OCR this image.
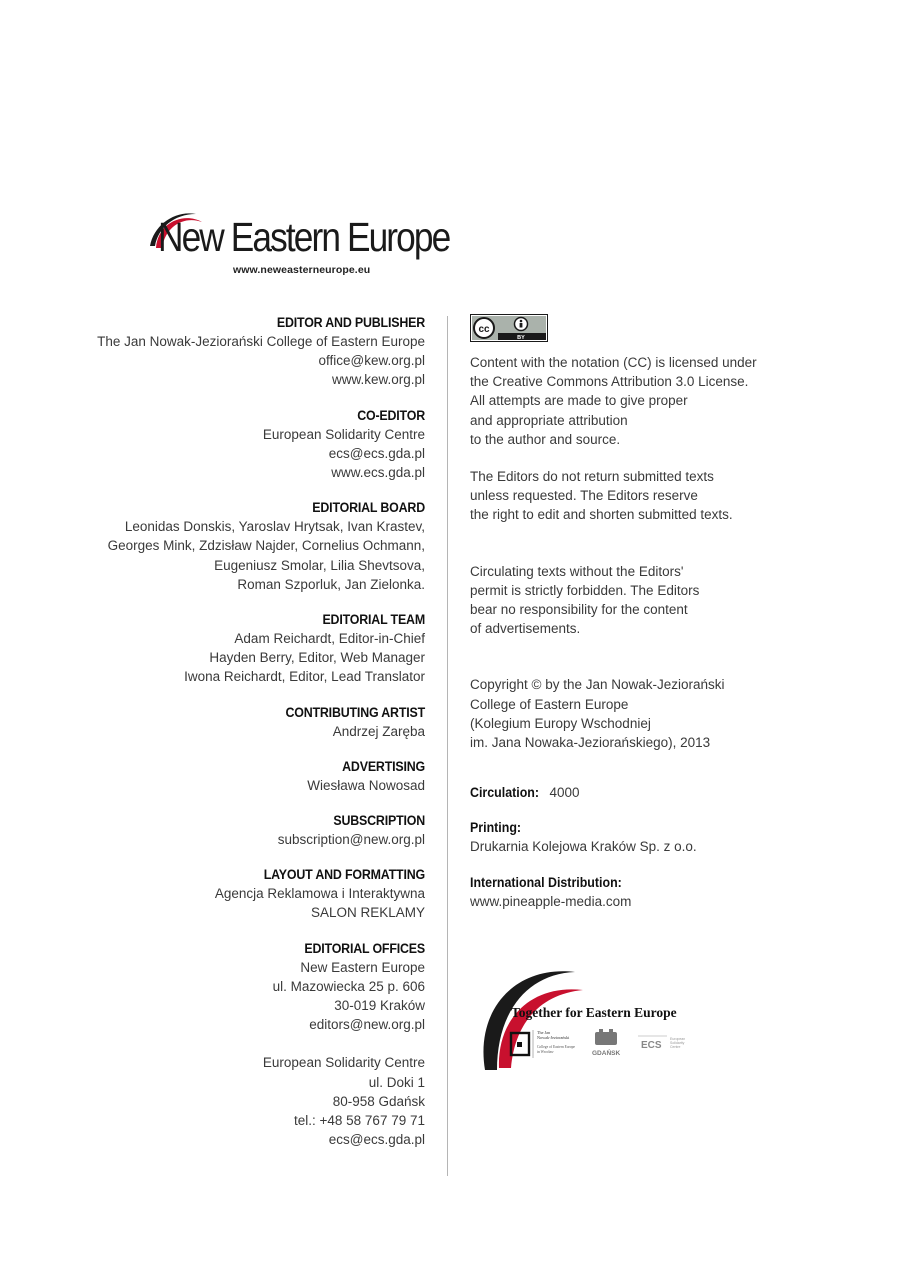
New Eastern Europe
www.neweasterneurope.eu
EDITOR AND PUBLISHER
The Jan Nowak-Jeziorański College of Eastern Europe
office@kew.org.pl
www.kew.org.pl
CO-EDITOR
European Solidarity Centre
ecs@ecs.gda.pl
www.ecs.gda.pl
EDITORIAL BOARD
Leonidas Donskis, Yaroslav Hrytsak, Ivan Krastev,
Georges Mink, Zdzisław Najder, Cornelius Ochmann,
Eugeniusz Smolar, Lilia Shevtsova,
Roman Szporluk, Jan Zielonka.
EDITORIAL TEAM
Adam Reichardt, Editor-in-Chief
Hayden Berry, Editor, Web Manager
Iwona Reichardt, Editor, Lead Translator
CONTRIBUTING ARTIST
Andrzej Zaręba
ADVERTISING
Wiesława Nowosad
SUBSCRIPTION
subscription@new.org.pl
LAYOUT AND FORMATTING
Agencja Reklamowa i Interaktywna
SALON REKLAMY
EDITORIAL OFFICES
New Eastern Europe
ul. Mazowiecka 25 p. 606
30-019 Kraków
editors@new.org.pl
European Solidarity Centre
ul. Doki 1
80-958 Gdańsk
tel.: +48 58 767 79 71
ecs@ecs.gda.pl
cc
BY
Content with the notation (CC) is licensed under
the Creative Commons Attribution 3.0 License.
All attempts are made to give proper
and appropriate attribution
to the author and source.
The Editors do not return submitted texts
unless requested. The Editors reserve
the right to edit and shorten submitted texts.
Circulating texts without the Editors'
permit is strictly forbidden. The Editors
bear no responsibility for the content
of advertisements.
Copyright © by the Jan Nowak-Jeziorański
College of Eastern Europe
(Kolegium Europy Wschodniej
im. Jana Nowaka-Jeziorańskiego), 2013
Circulation: 4000
Printing:
Drukarnia Kolejowa Kraków Sp. z o.o.
International Distribution:
www.pineapple-media.com
Together for Eastern Europe
The Jan
Nowak-Jeziorański
College of Eastern Europe
in Wrocław	GDAŃSK
ECS
European
Solidarity
Centre
